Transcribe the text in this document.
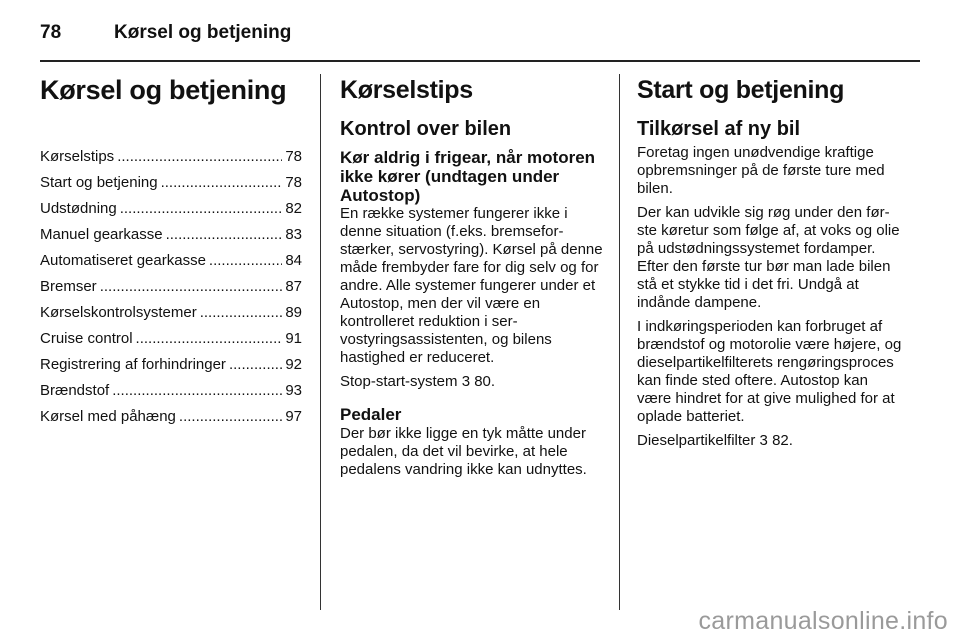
78	Kørsel og betjening
Kørsel og betjening
Kørselstips .....	78
Start og betjening .....	78
Udstødning .....	82
Manuel gearkasse .....	83
Automatiseret gearkasse .....	84
Bremser .....	87
Kørselskontrolsystemer .....	89
Cruise control .....	91
Registrering af forhindringer .....	92
Brændstof .....	93
Kørsel med påhæng .....	97
Kørselstips
Kontrol over bilen
Kør aldrig i frigear, når motoren ikke kører (undtagen under Autostop)

En række systemer fungerer ikke i denne situation (f.eks. bremseforstærker, servostyring). Kørsel på denne måde frembyder fare for dig selv og for andre. Alle systemer fungerer under et Autostop, men der vil være en kontrolleret reduktion i servostyringsassistenten, og bilens hastighed er reduceret.

Stop-start-system 3 80.

Pedaler

Der bør ikke ligge en tyk måtte under pedalen, da det vil bevirke, at hele pedalens vandring ikke kan udnyttes.

Start og betjening
Tilkørsel af ny bil

Foretag ingen unødvendige kraftige opbremsninger på de første ture med bilen.

Der kan udvikle sig røg under den første køretur som følge af, at voks og olie på udstødningssystemet fordamper. Efter den første tur bør man lade bilen stå et stykke tid i det fri. Undgå at indånde dampene.

I indkøringsperioden kan forbruget af brændstof og motorolie være højere, og dieselpartikelfilterets rengøringsproces kan finde sted oftere. Autostop kan være hindret for at give mulighed for at oplade batteriet.

Dieselpartikelfilter 3 82.

carmanualsonline.info
